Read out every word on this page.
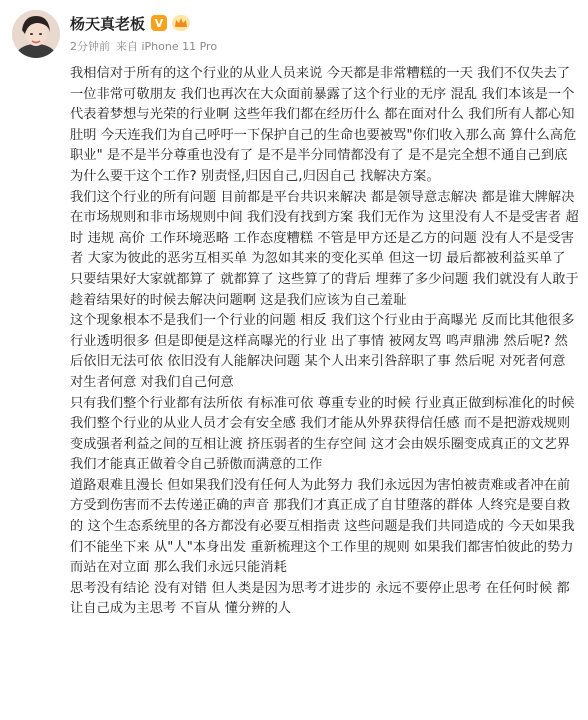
杨天真老板 V
2分钟前 来自 iPhone 11 Pro

我相信对于所有的这个行业的从业人员来说 今天都是非常糟糕的一天 我们不仅失去了一位非常可敬朋友 我们也再次在大众面前暴露了这个行业的无序 混乱 我们本该是一个代表着梦想与光荣的行业啊 这些年我们都在经历什么 都在面对什么 我们所有人都心知肚明 今天连我们为自己呼吁一下保护自己的生命也要被骂"你们收入那么高 算什么高危职业" 是不是半分尊重也没有了 是不是半分同情都没有了 是不是完全想不通自己到底为什么要干这个工作? 别责怪,归因自己,归因自己 找解决方案。

我们这个行业的所有问题 目前都是平台共识来解决 都是领导意志解决 都是谁大牌解决 在市场规则和非市场规则中间 我们没有找到方案 我们无作为 这里没有人不是受害者 超时 违规 高价 工作环境恶略 工作态度糟糕 不管是甲方还是乙方的问题 没有人不是受害者 大家为彼此的恶劣互相买单 为忽如其来的变化买单 但这一切 最后都被利益买单了 只要结果好大家就都算了 就都算了 这些算了的背后 埋葬了多少问题 我们就没有人敢于趁着结果好的时候去解决问题啊 这是我们应该为自己羞耻

这个现象根本不是我们一个行业的问题 相反 我们这个行业由于高曝光 反而比其他很多行业透明很多 但是即便是这样高曝光的行业 出了事情 被网友骂 鸣声鼎沸 然后呢? 然后依旧无法可依 依旧没有人能解决问题 某个人出来引咎辞职了事 然后呢 对死者何意 对生者何意 对我们自己何意

只有我们整个行业都有法所依 有标准可依 尊重专业的时候 行业真正做到标准化的时候 我们整个行业的从业人员才会有安全感 我们才能从外界获得信任感 而不是把游戏规则变成强者利益之间的互相让渡 挤压弱者的生存空间 这才会由娱乐圈变成真正的文艺界 我们才能真正做着令自己骄傲而满意的工作

道路艰难且漫长 但如果我们没有任何人为此努力 我们永远因为害怕被责难或者冲在前方受到伤害而不去传递正确的声音 那我们才真正成了自甘堕落的群体 人终究是要自救的 这个生态系统里的各方都没有必要互相指责 这些问题是我们共同造成的 今天如果我们不能坐下来 从"人"本身出发 重新梳理这个工作里的规则 如果我们都害怕彼此的势力而站在对立面 那么我们永远只能消耗

思考没有结论 没有对错 但人类是因为思考才进步的 永远不要停止思考 在任何时候 都让自己成为主思考 不盲从 懂分辨的人
